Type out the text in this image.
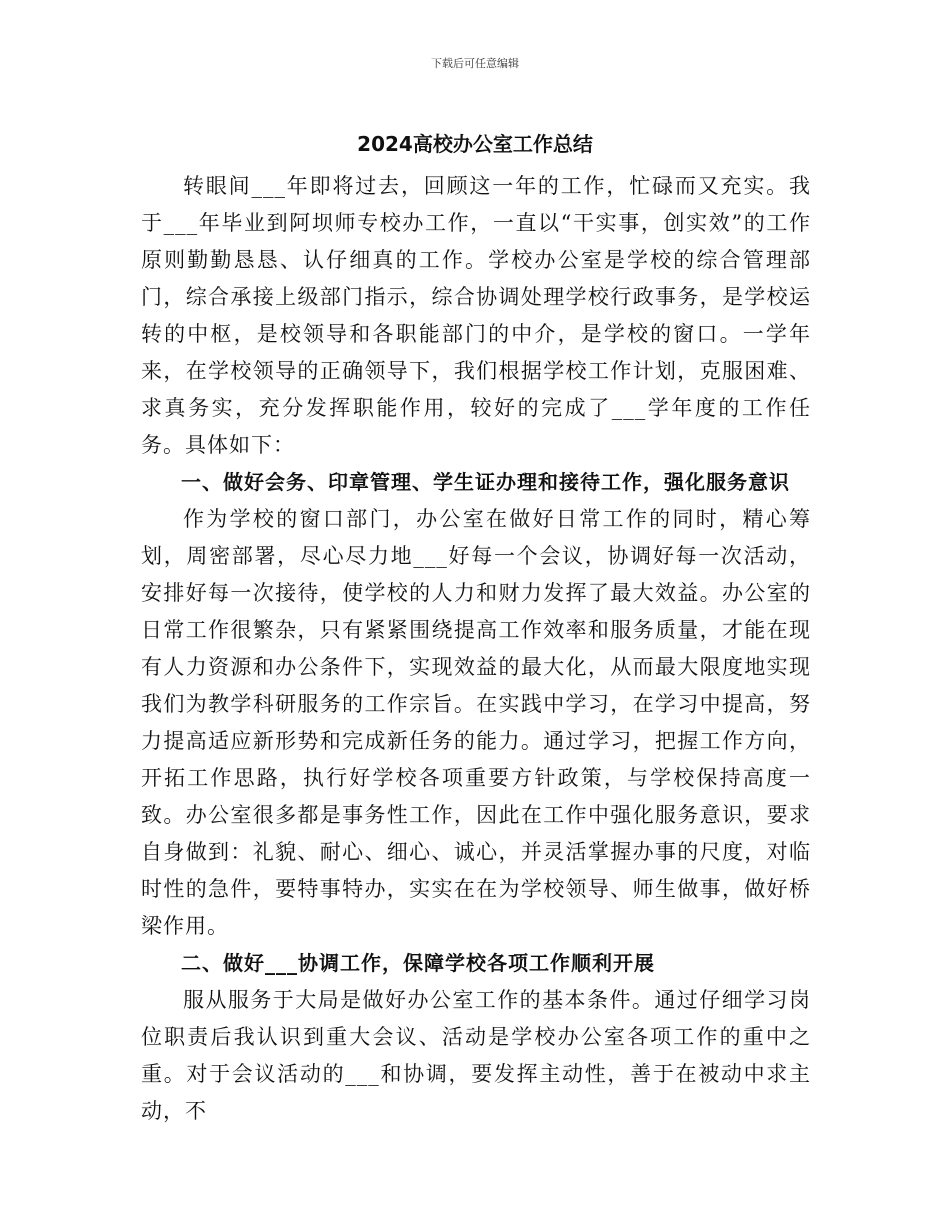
下载后可任意编辑
2024高校办公室工作总结

转眼间___年即将过去，回顾这一年的工作，忙碌而又充实。我于___年毕业到阿坝师专校办工作，一直以“干实事，创实效”的工作原则勤勤恳恳、认仔细真的工作。学校办公室是学校的综合管理部门，综合承接上级部门指示，综合协调处理学校行政事务，是学校运转的中枢，是校领导和各职能部门的中介，是学校的窗口。一学年来，在学校领导的正确领导下，我们根据学校工作计划，克服困难、求真务实，充分发挥职能作用，较好的完成了___学年度的工作任务。具体如下：

一、做好会务、印章管理、学生证办理和接待工作，强化服务意识

作为学校的窗口部门，办公室在做好日常工作的同时，精心筹划，周密部署，尽心尽力地___好每一个会议，协调好每一次活动，安排好每一次接待，使学校的人力和财力发挥了最大效益。办公室的日常工作很繁杂，只有紧紧围绕提高工作效率和服务质量，才能在现有人力资源和办公条件下，实现效益的最大化，从而最大限度地实现我们为教学科研服务的工作宗旨。在实践中学习，在学习中提高，努力提高适应新形势和完成新任务的能力。通过学习，把握工作方向，开拓工作思路，执行好学校各项重要方针政策，与学校保持高度一致。办公室很多都是事务性工作，因此在工作中强化服务意识，要求自身做到：礼貌、耐心、细心、诚心，并灵活掌握办事的尺度，对临时性的急件，要特事特办，实实在在为学校领导、师生做事，做好桥梁作用。

二、做好___协调工作，保障学校各项工作顺利开展

服从服务于大局是做好办公室工作的基本条件。通过仔细学习岗位职责后我认识到重大会议、活动是学校办公室各项工作的重中之重。对于会议活动的___和协调，要发挥主动性，善于在被动中求主动，不
